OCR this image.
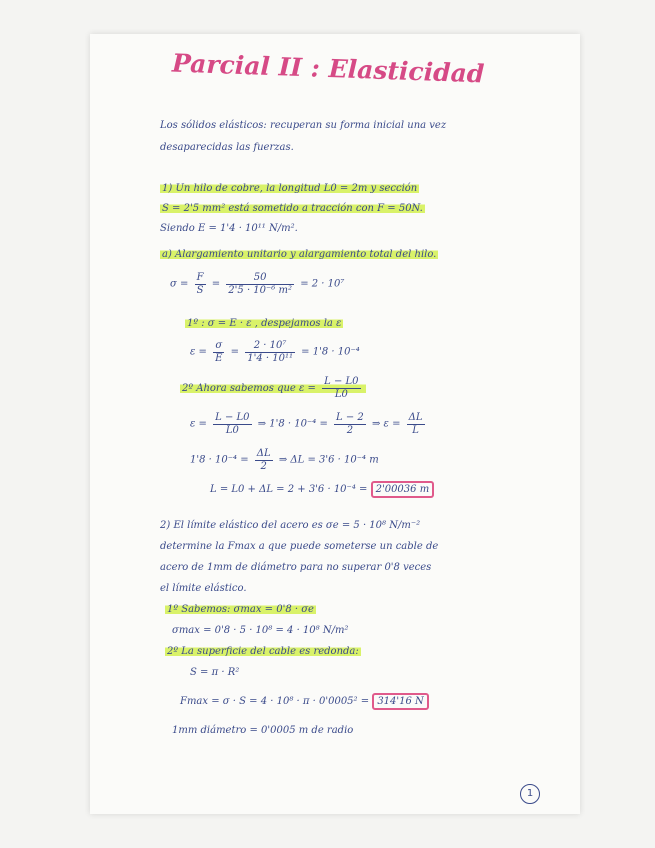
Parcial II : Elasticidad
Los sólidos elásticos: recuperan su forma inicial una vez
desaparecidas las fuerzas.
1) Un hilo de cobre, la longitud L0 = 2m y sección
S = 2'5 mm² está sometido a tracción con F = 50N.
Siendo E = 1'4 · 10¹¹ N/m².
a) Alargamiento unitario y alargamiento total del hilo.
$\sigma = \frac{F}{S} = \frac{50}{\text{2'5 · 10⁻⁶ m²}} = 2 \cdot 10^7$
1º : σ = E · ε , despejamos la ε
$\varepsilon = \frac{\sigma}{E} = \frac{\text{2 · 10⁷}}{\text{1'4 · 10¹¹}} = 1'8 \cdot 10^{-4}$
2º Ahora sabemos que $\varepsilon = \frac{L - L0}{L0}$
$\varepsilon = \frac{L - L0}{L0}$ ⇒ $1'8 \cdot 10^{-4} = \frac{L - 2}{2}$ ⇒ $\varepsilon = \frac{\Delta L}{L}$
$1'8 \cdot 10^{-4} = \frac{\Delta L}{2}$ ⇒ ΔL = 3'6 · 10⁻⁴ m
L = L0 + ΔL = 2 + 3'6 · 10⁻⁴ = 2'00036 m
2) El límite elástico del acero es σe = 5 · 10⁸ N/m⁻²
determine la Fmax a que puede someterse un cable de
acero de 1mm de diámetro para no superar 0'8 veces
el límite elástico.
1º Sabemos: σmax = 0'8 · σe
σmax = 0'8 · 5 · 10⁸ = 4 · 10⁸ N/m²
2º La superficie del cable es redonda:
S = π · R²
Fmax = σ · S = 4 · 10⁸ · π · 0'0005² = 314'16 N
1mm diámetro = 0'0005 m de radio
1
